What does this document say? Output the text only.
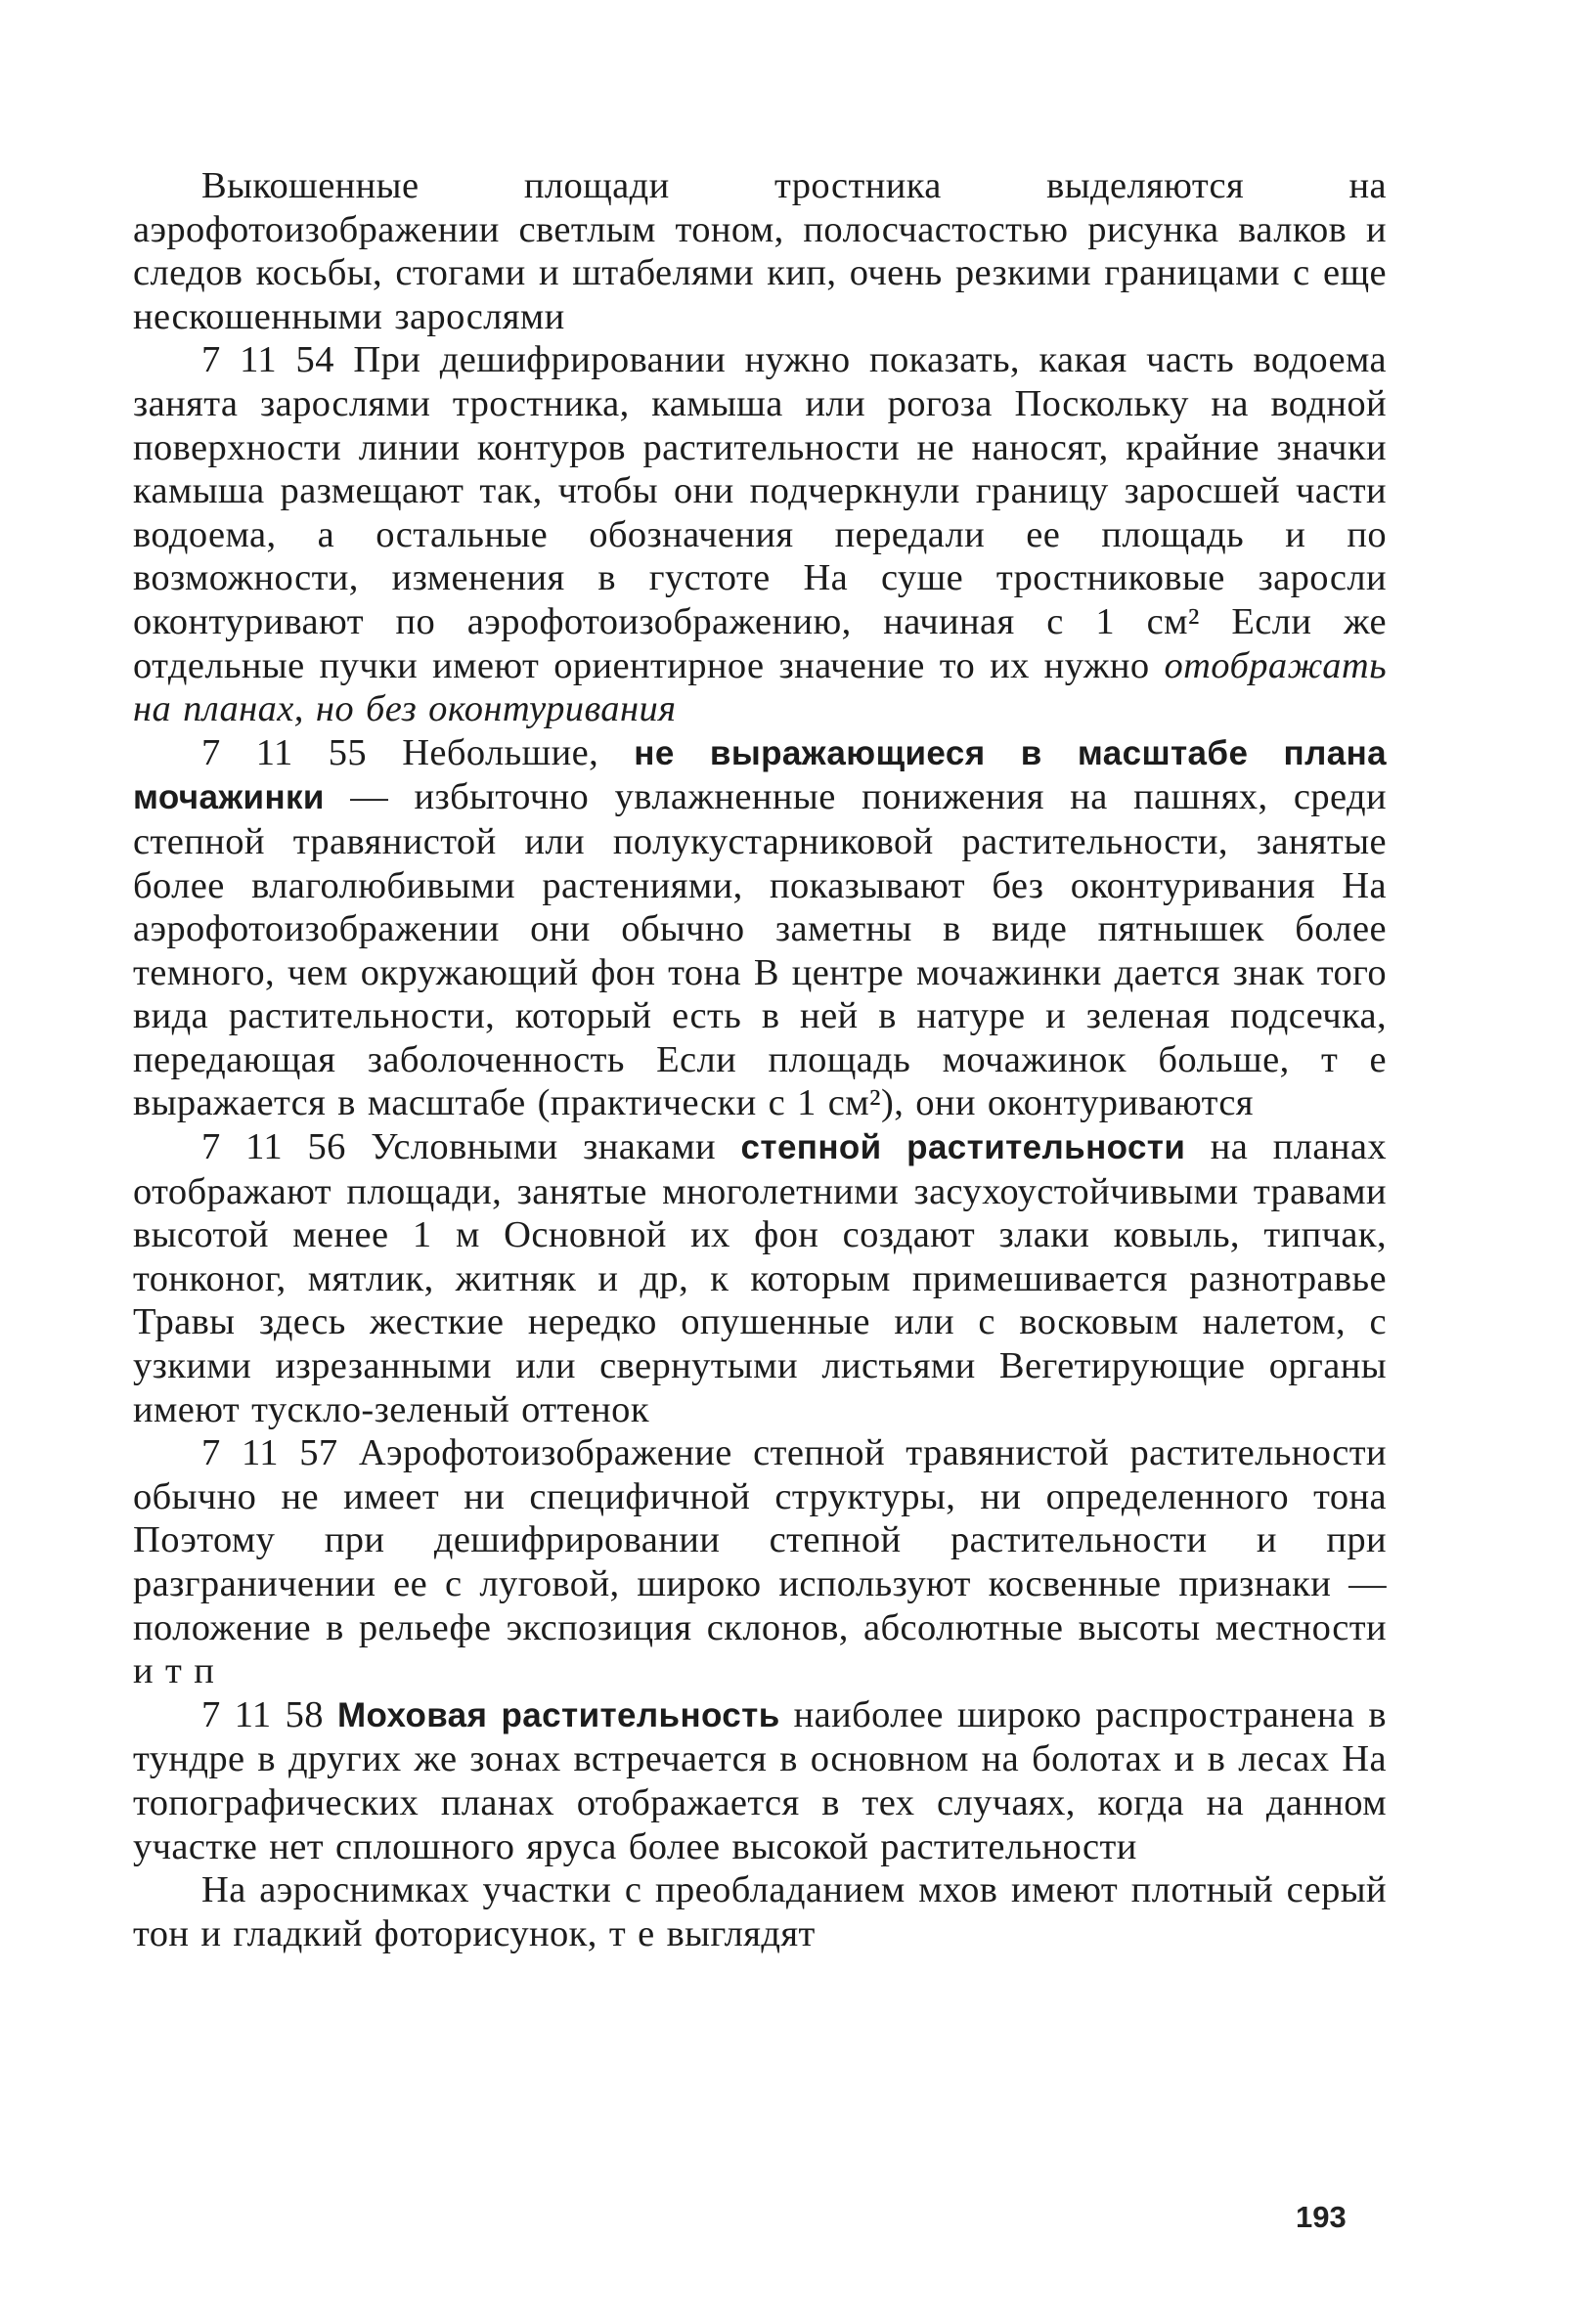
Выкошенные площади тростника выделяются на аэрофотоизображении светлым тоном, полосчастостью рисунка валков и следов косьбы, стогами и штабелями кип, очень резкими границами с еще нескошенными зарослями

7 11 54 При дешифрировании нужно показать, какая часть водоема занята зарослями тростника, камыша или рогоза Поскольку на водной поверхности линии контуров растительности не наносят, крайние значки камыша размещают так, чтобы они подчеркнули границу заросшей части водоема, а остальные обозначения передали ее площадь и по возможности, изменения в густоте На суше тростниковые заросли оконтуривают по аэрофотоизображению, начиная с 1 см² Если же отдельные пучки имеют ориентирное значение то их нужно отображать на планах, но без оконтуривания

7 11 55 Небольшие, не выражающиеся в масштабе плана мочажинки — избыточно увлажненные понижения на пашнях, среди степной травянистой или полукустарниковой растительности, занятые более влаголюбивыми растениями, показывают без оконтуривания На аэрофотоизображении они обычно заметны в виде пятнышек более темного, чем окружающий фон тона В центре мочажинки дается знак того вида растительности, который есть в ней в натуре и зеленая подсечка, передающая заболоченность Если площадь мочажинок больше, т е выражается в масштабе (практически с 1 см²), они оконтуриваются

7 11 56 Условными знаками степной растительности на планах отображают площади, занятые многолетними засухоустойчивыми травами высотой менее 1 м Основной их фон создают злаки ковыль, типчак, тонконог, мятлик, житняк и др, к которым примешивается разнотравье Травы здесь жесткие нередко опушенные или с восковым налетом, с узкими изрезанными или свернутыми листьями Вегетирующие органы имеют тускло-зеленый оттенок

7 11 57 Аэрофотоизображение степной травянистой растительности обычно не имеет ни специфичной структуры, ни определенного тона Поэтому при дешифрировании степной растительности и при разграничении ее с луговой, широко используют косвенные признаки — положение в рельефе экспозиция склонов, абсолютные высоты местности и т п

7 11 58 Моховая растительность наиболее широко распространена в тундре в других же зонах встречается в основном на болотах и в лесах На топографических планах отображается в тех случаях, когда на данном участке нет сплошного яруса более высокой растительности

На аэроснимках участки с преобладанием мхов имеют плотный серый тон и гладкий фоторисунок, т е выглядят

193
